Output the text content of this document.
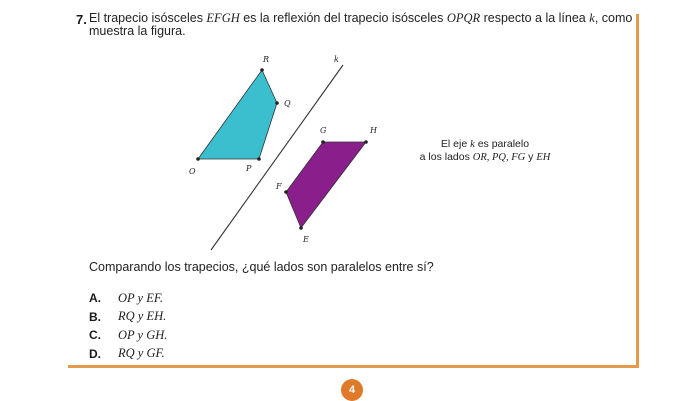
7. El trapecio isósceles EFGH es la reflexión del trapecio isósceles OPQR respecto a la línea k, como muestra la figura.
R
Q
O	P
k
G	H
F
E
El eje k es paralelo
a los lados OR, PQ, FG y EH
Comparando los trapecios, ¿qué lados son paralelos entre sí?
A.	OP y EF.
B.	RQ y EH.
C.	OP y GH.
D.	RQ y GF.
4
